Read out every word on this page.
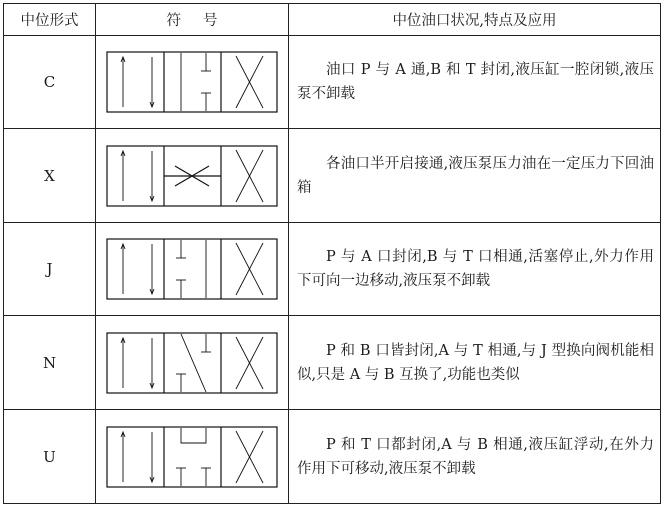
中位形式	符号	中位油口状况,特点及应用
C		油口 P 与 A 通,B 和 T 封闭,液压缸一腔闭锁,液压泵不卸载
X		各油口半开启接通,液压泵压力油在一定压力下回油箱
J		P 与 A 口封闭,B 与 T 口相通,活塞停止,外力作用下可向一边移动,液压泵不卸载
N		P 和 B 口皆封闭,A 与 T 相通,与 J 型换向阀机能相似,只是 A 与 B 互换了,功能也类似
U		P 和 T 口都封闭,A 与 B 相通,液压缸浮动,在外力作用下可移动,液压泵不卸载
